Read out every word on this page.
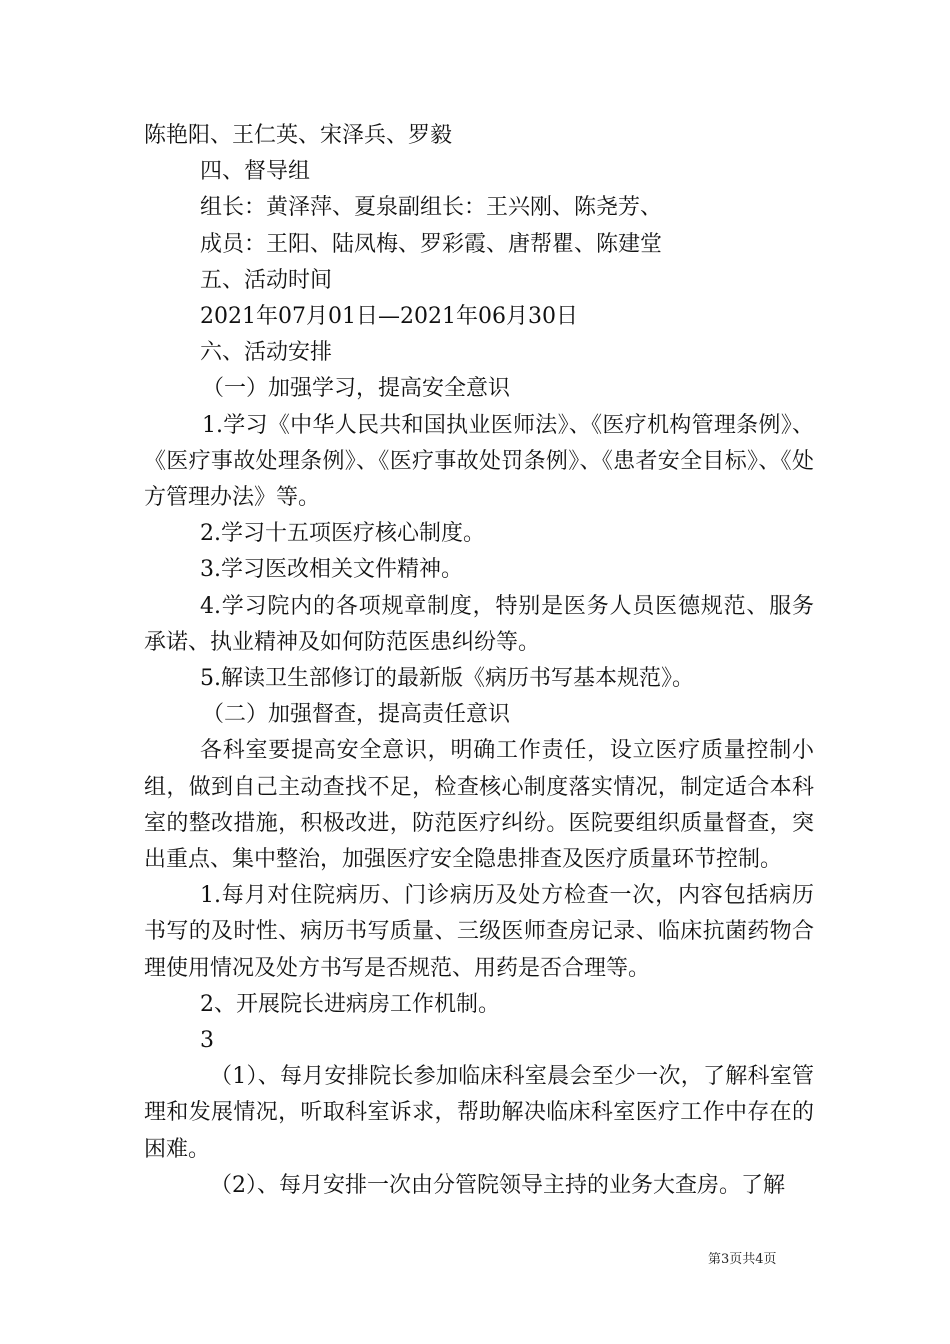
陈艳阳、王仁英、宋泽兵、罗毅

四、督导组

组长：黄泽萍、夏泉副组长：王兴刚、陈尧芳、

成员：王阳、陆凤梅、罗彩霞、唐帮瞿、陈建堂

五、活动时间

2021年07月01日—2021年06月30日

六、活动安排

（一）加强学习，提高安全意识

1.学习《中华人民共和国执业医师法》、《医疗机构管理条例》、《医疗事故处理条例》、《医疗事故处罚条例》、《患者安全目标》、《处方管理办法》等。

2.学习十五项医疗核心制度。

3.学习医改相关文件精神。

4.学习院内的各项规章制度，特别是医务人员医德规范、服务承诺、执业精神及如何防范医患纠纷等。

5.解读卫生部修订的最新版《病历书写基本规范》。

（二）加强督查，提高责任意识

各科室要提高安全意识，明确工作责任，设立医疗质量控制小组，做到自己主动查找不足，检查核心制度落实情况，制定适合本科室的整改措施，积极改进，防范医疗纠纷。医院要组织质量督查，突出重点、集中整治，加强医疗安全隐患排查及医疗质量环节控制。

1.每月对住院病历、门诊病历及处方检查一次，内容包括病历书写的及时性、病历书写质量、三级医师查房记录、临床抗菌药物合理使用情况及处方书写是否规范、用药是否合理等。

2、开展院长进病房工作机制。

3

（1）、每月安排院长参加临床科室晨会至少一次，了解科室管理和发展情况，听取科室诉求，帮助解决临床科室医疗工作中存在的困难。

（2）、每月安排一次由分管院领导主持的业务大查房。了解

第3页共4页
